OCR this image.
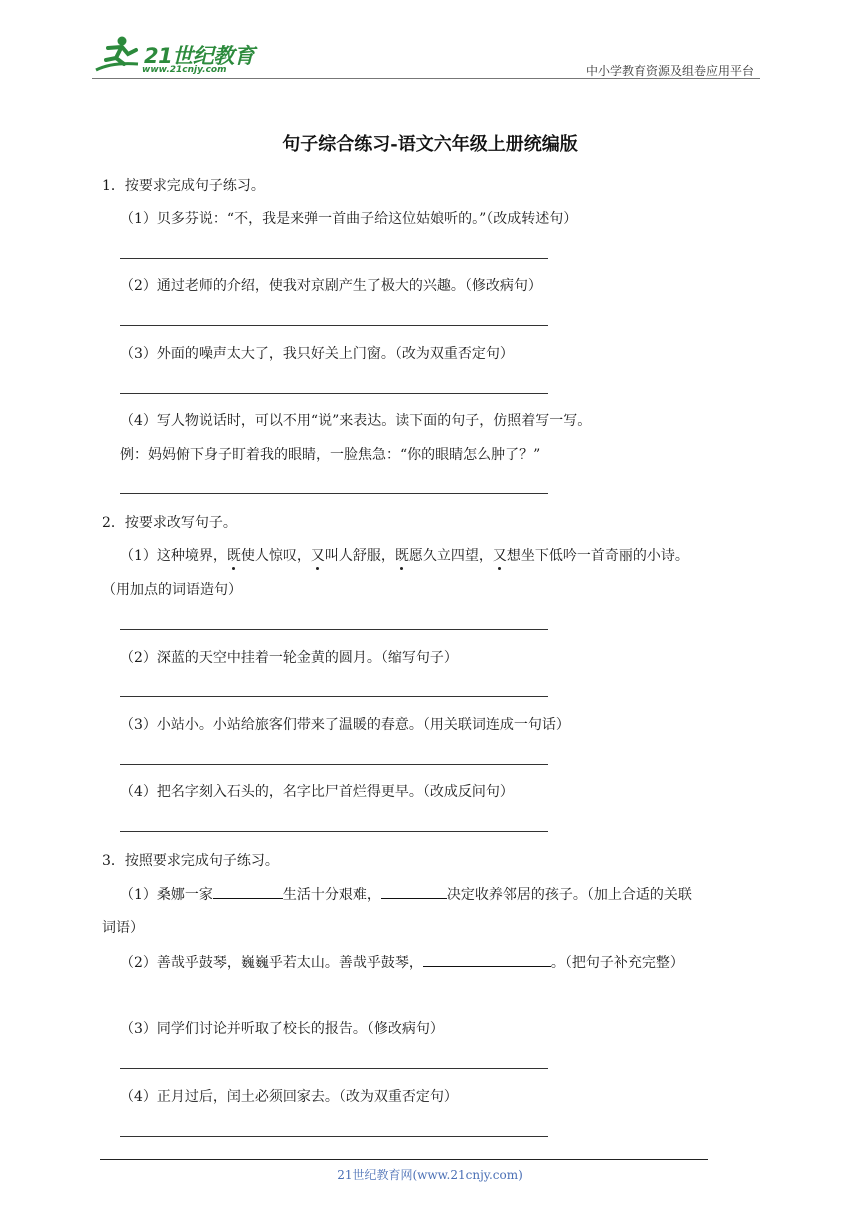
21世纪教育
www.21cnjy.com	中小学教育资源及组卷应用平台
句子综合练习-语文六年级上册统编版
1．按要求完成句子练习。
（1）贝多芬说：“不，我是来弹一首曲子给这位姑娘听的。”（改成转述句）
（2）通过老师的介绍，使我对京剧产生了极大的兴趣。（修改病句）
（3）外面的噪声太大了，我只好关上门窗。（改为双重否定句）
（4）写人物说话时，可以不用“说”来表达。读下面的句子，仿照着写一写。
例：妈妈俯下身子盯着我的眼睛，一脸焦急：“你的眼睛怎么肿了？”
2．按要求改写句子。
（1）这种境界，既使人惊叹，又叫人舒服，既愿久立四望，又想坐下低吟一首奇丽的小诗。
（用加点的词语造句）
（2）深蓝的天空中挂着一轮金黄的圆月。（缩写句子）
（3）小站小。小站给旅客们带来了温暖的春意。（用关联词连成一句话）
（4）把名字刻入石头的，名字比尸首烂得更早。（改成反问句）
3．按照要求完成句子练习。
（1）桑娜一家	生活十分艰难，	决定收养邻居的孩子。（加上合适的关联
词语）
（2）善哉乎鼓琴，巍巍乎若太山。善哉乎鼓琴，	。（把句子补充完整）
（3）同学们讨论并听取了校长的报告。（修改病句）
（4）正月过后，闰土必须回家去。（改为双重否定句）
21世纪教育网(www.21cnjy.com)
